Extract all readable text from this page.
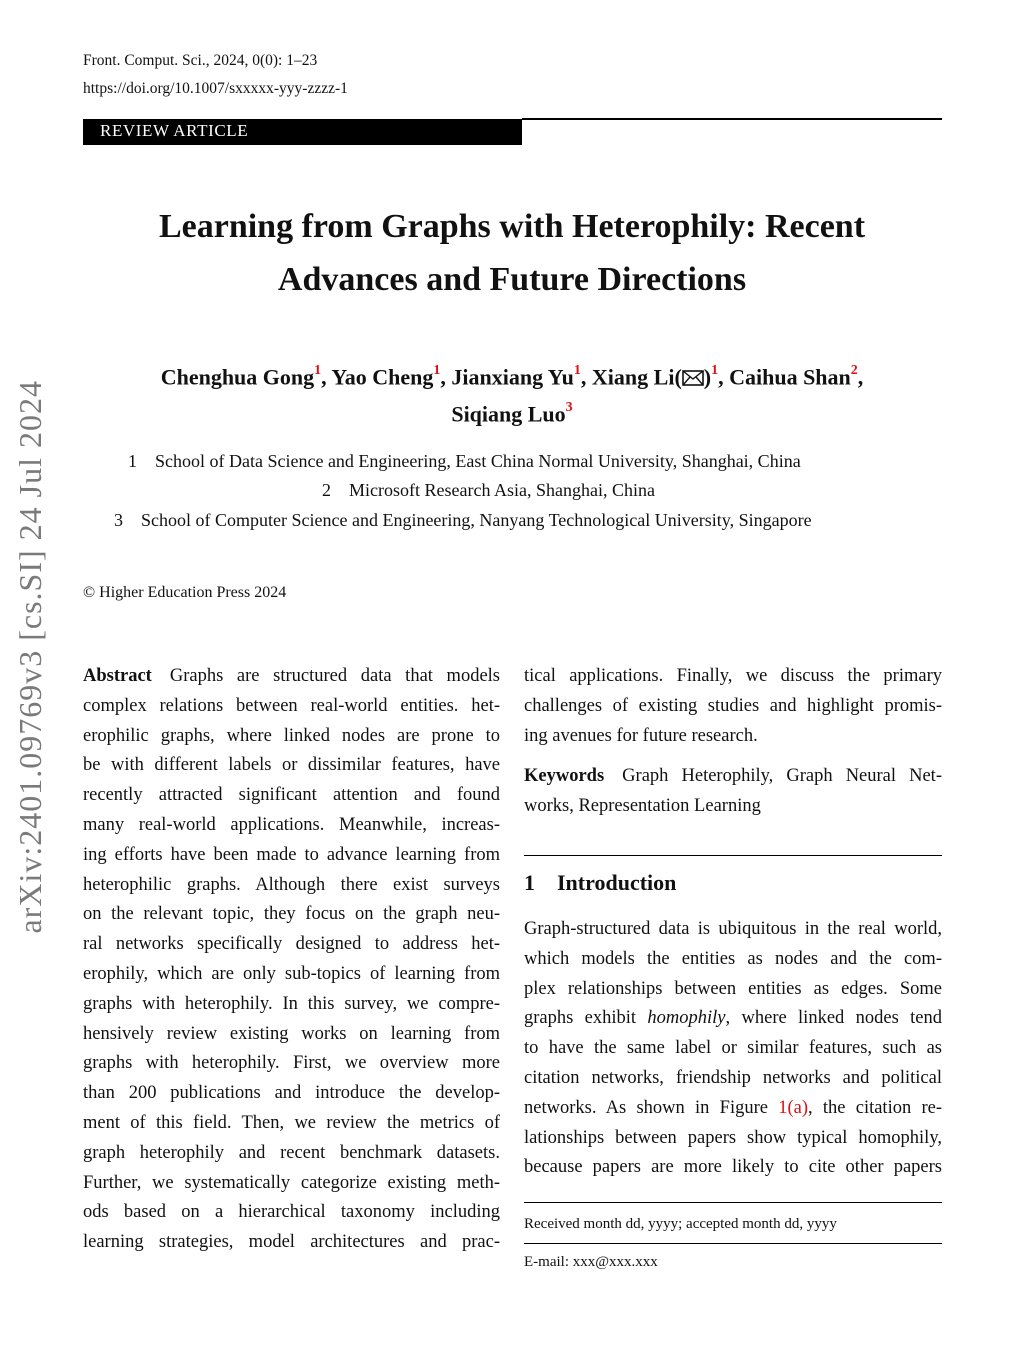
Front. Comput. Sci., 2024, 0(0): 1–23
https://doi.org/10.1007/sxxxxx-yyy-zzzz-1
REVIEW ARTICLE
arXiv:2401.09769v3 [cs.SI] 24 Jul 2024
Learning from Graphs with Heterophily: Recent
Advances and Future Directions
Chenghua Gong$^1$, Yao Cheng$^1$, Jianxiang Yu$^1$, Xiang Li( )$^1$, Caihua Shan$^2$,
Siqiang Luo$^3$
1 School of Data Science and Engineering, East China Normal University, Shanghai, China
2 Microsoft Research Asia, Shanghai, China
3 School of Computer Science and Engineering, Nanyang Technological University, Singapore
© Higher Education Press 2024
Abstract Graphs are structured data that models
complex relations between real-world entities. het-
erophilic graphs, where linked nodes are prone to
be with different labels or dissimilar features, have
recently attracted significant attention and found
many real-world applications. Meanwhile, increas-
ing efforts have been made to advance learning from
heterophilic graphs. Although there exist surveys
on the relevant topic, they focus on the graph neu-
ral networks specifically designed to address het-
erophily, which are only sub-topics of learning from
graphs with heterophily. In this survey, we compre-
hensively review existing works on learning from
graphs with heterophily. First, we overview more
than 200 publications and introduce the develop-
ment of this field. Then, we review the metrics of
graph heterophily and recent benchmark datasets.
Further, we systematically categorize existing meth-
ods based on a hierarchical taxonomy including
learning strategies, model architectures and prac-
tical applications. Finally, we discuss the primary
challenges of existing studies and highlight promis-
ing avenues for future research.
Keywords Graph Heterophily, Graph Neural Net-
works, Representation Learning
1 Introduction
Graph-structured data is ubiquitous in the real world,
which models the entities as nodes and the com-
plex relationships between entities as edges. Some
graphs exhibit homophily, where linked nodes tend
to have the same label or similar features, such as
citation networks, friendship networks and political
networks. As shown in Figure 1(a), the citation re-
lationships between papers show typical homophily,
because papers are more likely to cite other papers
Received month dd, yyyy; accepted month dd, yyyy
E-mail: xxx@xxx.xxx
